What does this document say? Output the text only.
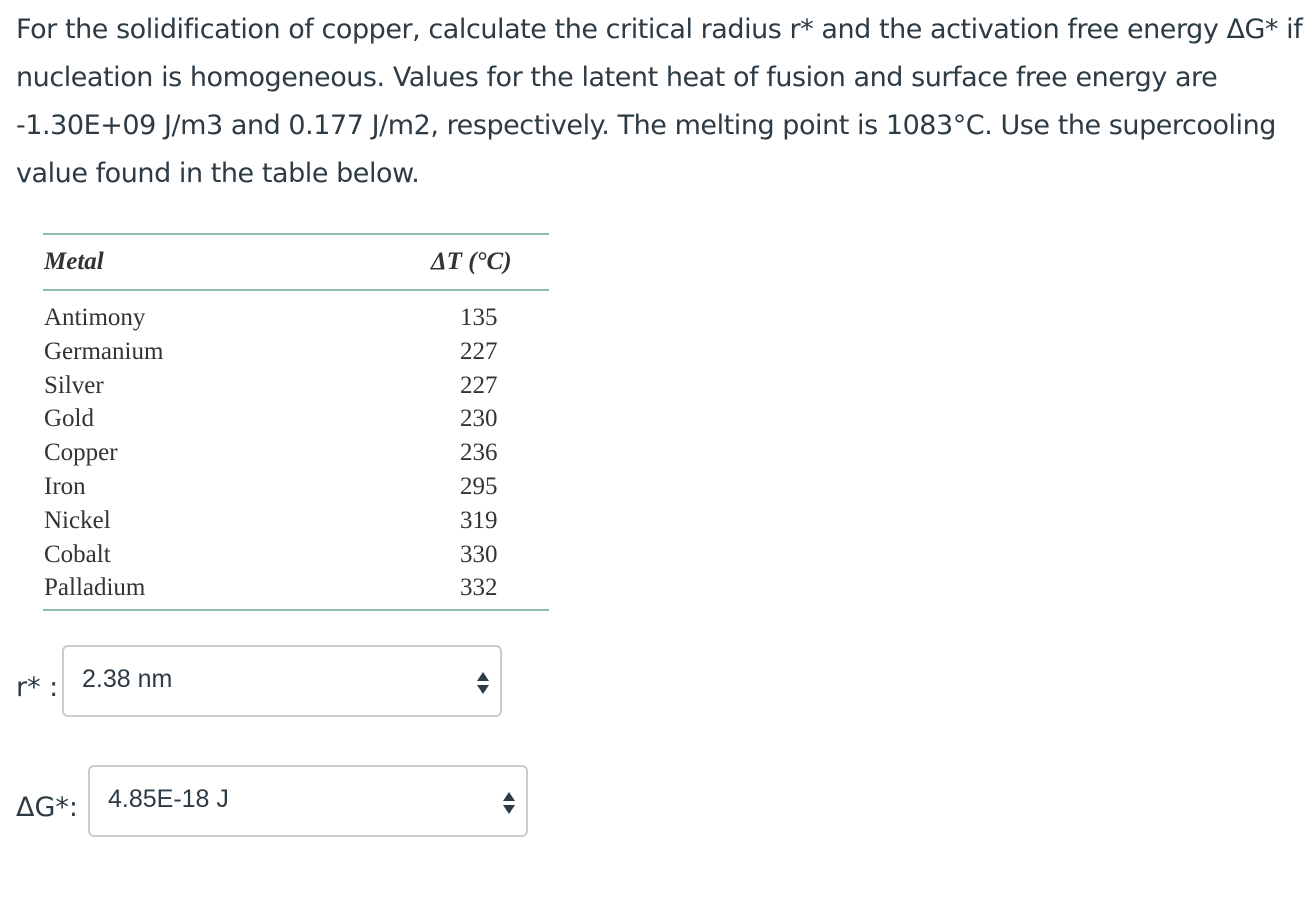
For the solidification of copper, calculate the critical radius r* and the activation free energy ΔG* if nucleation is homogeneous. Values for the latent heat of fusion and surface free energy are -1.30E+09 J/m3 and 0.177 J/m2, respectively. The melting point is 1083°C. Use the supercooling value found in the table below.

Metal	ΔT (°C)
Antimony	135
Germanium	227
Silver	227
Gold	230
Copper	236
Iron	295
Nickel	319
Cobalt	330
Palladium	332
r* : 2.38 nm
ΔG*: 4.85E-18 J
